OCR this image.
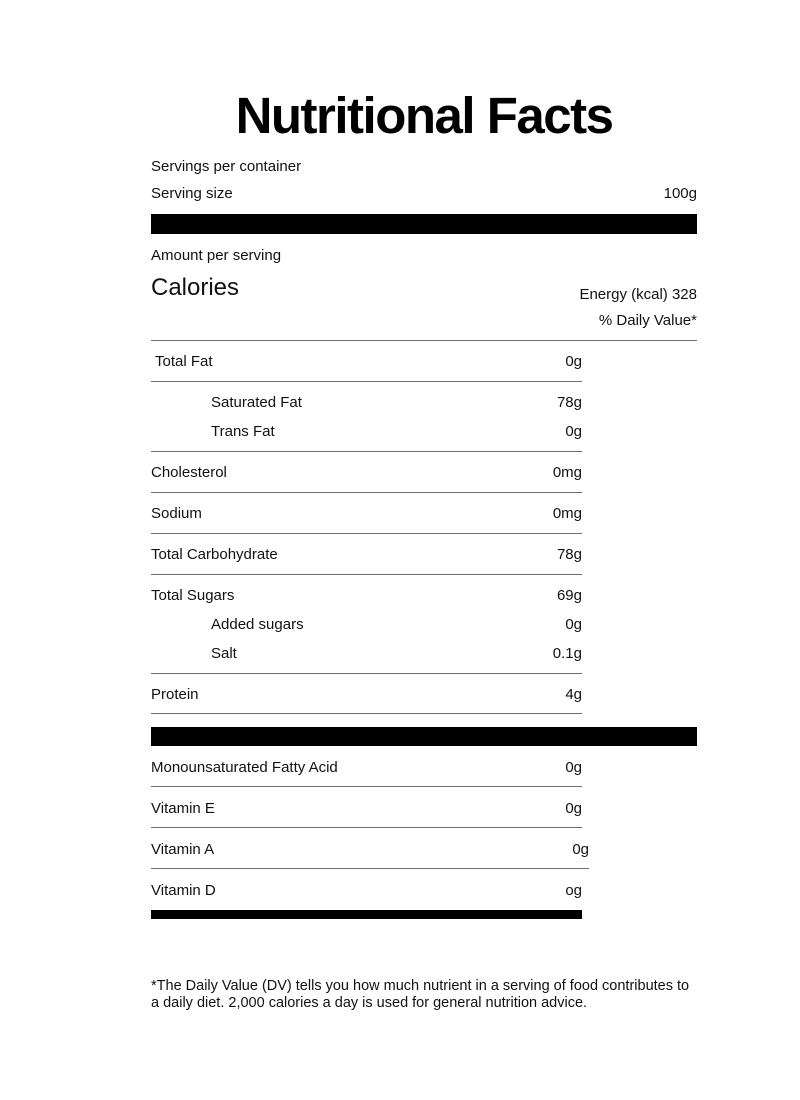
Nutritional Facts
Servings per container
Serving size	100g
Amount per serving
Calories	Energy (kcal) 328
% Daily Value*
Total Fat	0g
Saturated Fat	78g
Trans Fat	0g
Cholesterol	0mg
Sodium	0mg
Total Carbohydrate	78g
Total Sugars	69g
Added sugars	0g
Salt	0.1g
Protein	4g
Monounsaturated Fatty Acid	0g
Vitamin E	0g
Vitamin A	0g
Vitamin D	og
*The Daily Value (DV) tells you how much nutrient in a serving of food contributes to a daily diet. 2,000 calories a day is used for general nutrition advice.
